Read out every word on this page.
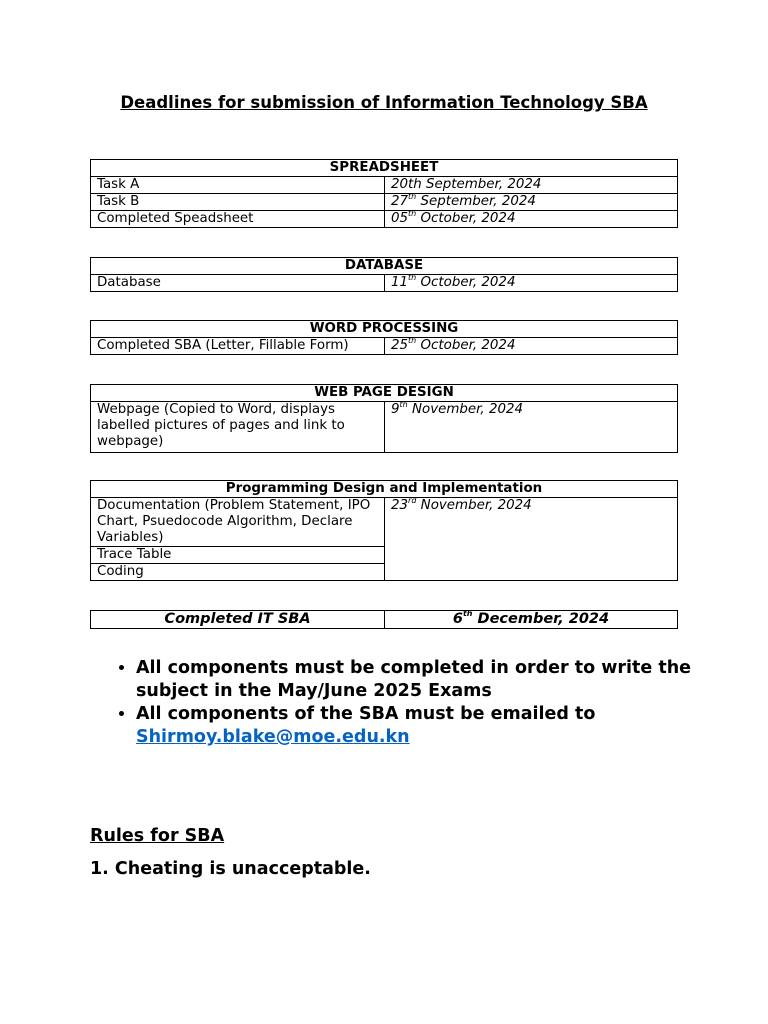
Deadlines for submission of Information Technology SBA
SPREADSHEET	
Task A	20th September, 2024
Task B	27th September, 2024
Completed Speadsheet	05th October, 2024
DATABASE
Database	11th October, 2024
WORD PROCESSING
Completed SBA (Letter, Fillable Form)	25th October, 2024
WEB PAGE DESIGN
Webpage (Copied to Word, displays labelled pictures of pages and link to webpage)	9th November, 2024
Programming Design and Implementation
Documentation (Problem Statement, IPO Chart, Psuedocode Algorithm, Declare Variables)	23rd November, 2024
Trace Table
Coding
Completed IT SBA	6th December, 2024
• All components must be completed in order to write the subject in the May/June 2025 Exams
• All components of the SBA must be emailed to
Shirmoy.blake@moe.edu.kn
Rules for SBA
1. Cheating is unacceptable.
